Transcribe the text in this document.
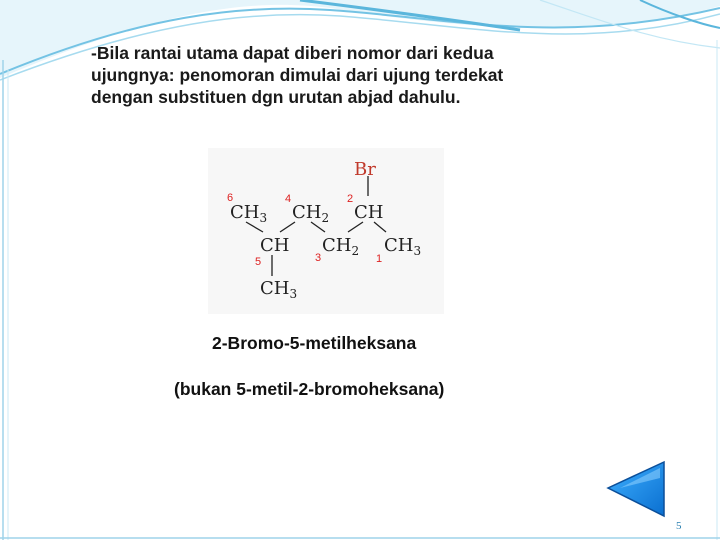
-Bila rantai utama dapat diberi nomor dari kedua
ujungnya: penomoran dimulai dari ujung terdekat
dengan substituen dgn urutan abjad dahulu.
Br
$CH_3$ $CH_2$ CH
CH $CH_2$ $CH_3$
$CH_3$
6	4	2
5	3	1
2-Bromo-5-metilheksana
(bukan 5-metil-2-bromoheksana)
5
